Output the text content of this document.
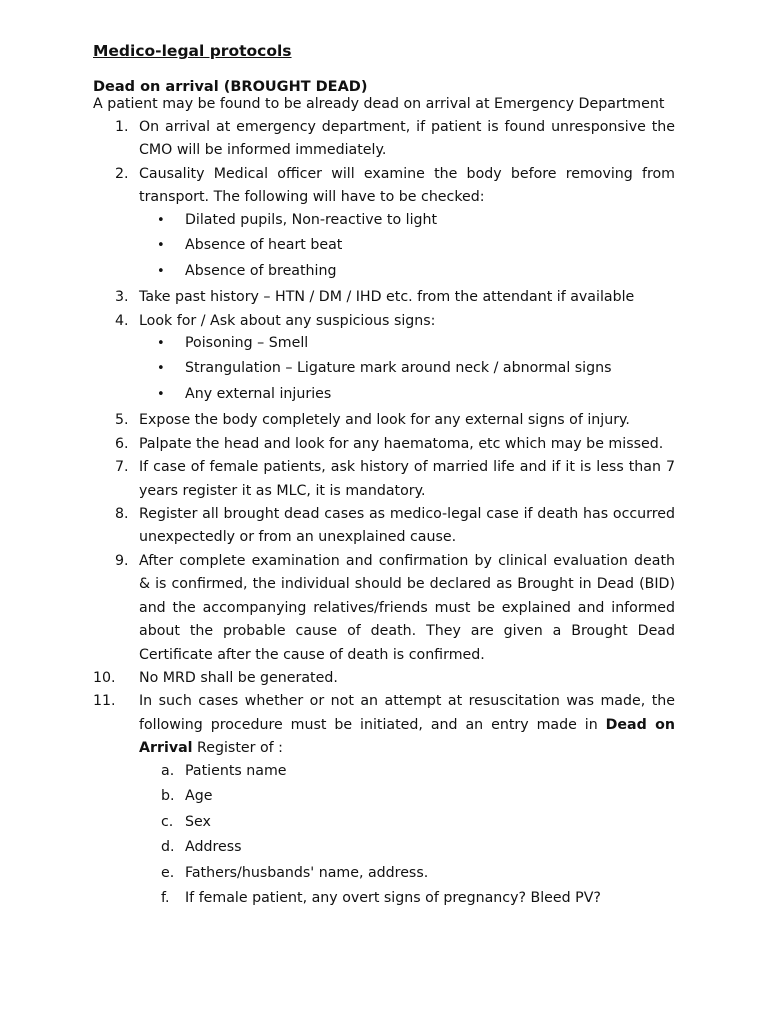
Medico-legal protocols
Dead on arrival (BROUGHT DEAD)
A patient may be found to be already dead on arrival at Emergency Department
1. On arrival at emergency department, if patient is found unresponsive the CMO will be informed immediately.
2. Causality Medical officer will examine the body before removing from transport. The following will have to be checked:
•	Dilated pupils, Non-reactive to light
•	Absence of heart beat
•	Absence of breathing
3. Take past history – HTN / DM / IHD etc. from the attendant if available
4. Look for / Ask about any suspicious signs:
•	Poisoning – Smell
•	Strangulation – Ligature mark around neck / abnormal signs
•	Any external injuries
5. Expose the body completely and look for any external signs of injury.
6. Palpate the head and look for any haematoma, etc which may be missed.
7. If case of female patients, ask history of married life and if it is less than 7 years register it as MLC, it is mandatory.
8. Register all brought dead cases as medico-legal case if death has occurred unexpectedly or from an unexplained cause.
9. After complete examination and confirmation by clinical evaluation death & is confirmed, the individual should be declared as Brought in Dead (BID) and the accompanying relatives/friends must be explained and informed about the probable cause of death. They are given a Brought Dead Certificate after the cause of death is confirmed.
10.	No MRD shall be generated.
11.	In such cases whether or not an attempt at resuscitation was made, the following procedure must be initiated, and an entry made in Dead on Arrival Register of :
a. Patients name
b. Age
c. Sex
d. Address
e. Fathers/husbands' name, address.
f.	If female patient, any overt signs of pregnancy? Bleed PV?
